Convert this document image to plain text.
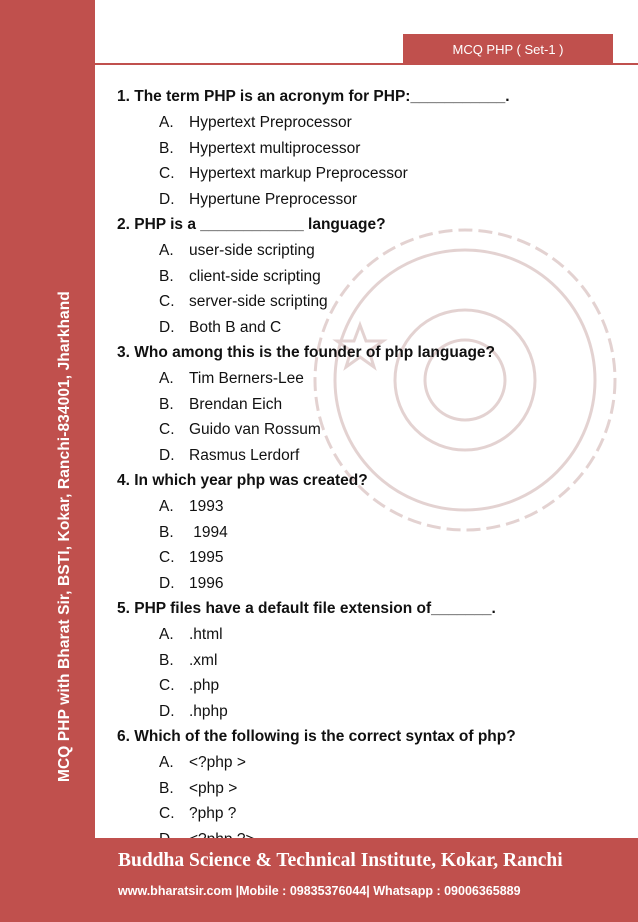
MCQ PHP with Bharat Sir, BSTI, Kokar, Ranchi-834001, Jharkhand
MCQ PHP ( Set-1 )
1. The term PHP is an acronym for PHP:___________.
A. Hypertext Preprocessor
B. Hypertext multiprocessor
C. Hypertext markup Preprocessor
D. Hypertune Preprocessor
2. PHP is a ____________ language?
A. user-side scripting
B. client-side scripting
C. server-side scripting
D. Both B and C
3. Who among this is the founder of php language?
A. Tim Berners-Lee
B. Brendan Eich
C. Guido van Rossum
D. Rasmus Lerdorf
4. In which year php was created?
A. 1993
B. 1994
C. 1995
D. 1996
5. PHP files have a default file extension of_______.
A. .html
B. .xml
C. .php
D. .hphp
6. Which of the following is the correct syntax of php?
A. <?php >
B. <php >
C. ?php ?
Buddha Science & Technical Institute, Kokar, Ranchi
www.bharatsir.com |Mobile : 09835376044| Whatsapp : 09006365889
